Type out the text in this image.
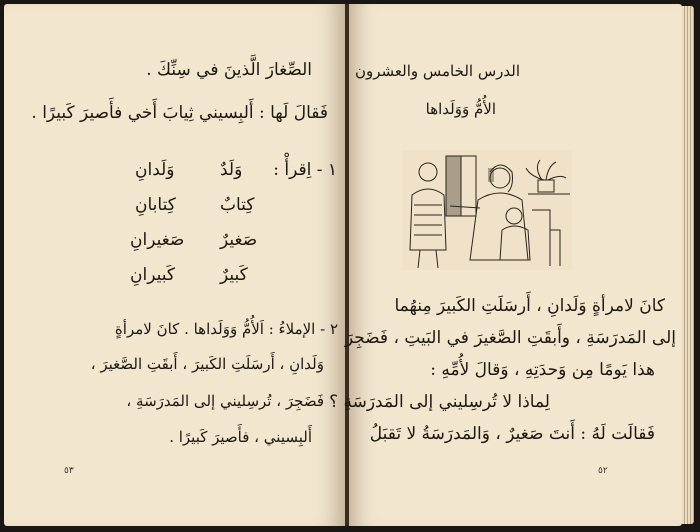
الصِّغارَ الَّذينَ في سِنِّكَ .
فَقالَ لَها : أَلبِسيني ثِيابَ أَخي فأَصيرَ كَبيرًا .
١ - اِقرأْ :
وَلَدٌ
وَلَدانِ
كِتابٌ
كِتابانِ
صَغيرٌ
صَغيرانِ
كَبيرٌ
كَبيرانِ
٢ - الإملاءُ : اَلأُمُّ وَوَلَداها . كانَ لامرأةٍ
وَلَدانِ ، أَرسَلَتِ الكَبيرَ ، أَبقَتِ الصَّغيرَ ،
فَضَجِرَ ، تُرسِليني إلى المَدرَسَةِ ،
أَلبِسيني ، فأَصيرَ كَبيرًا .
٥٣
الدرس الخامس والعشرون
الأُمُّ وَوَلَداها
كانَ لامرأةٍ وَلَدانِ ، أَرسَلَتِ الكَبيرَ مِنهُما
إلى المَدرَسَةِ ، وأَبقَتِ الصَّغيرَ في البَيتِ ، فَضَجِرَ
هذا يَومًا مِن وَحدَتِهِ ، وَقالَ لأُمِّهِ :
لِماذا لا تُرسِليني إلى المَدرَسَةِ ؟
فَقالَت لَهُ : أَنتَ صَغيرٌ ، وَالمَدرَسَةُ لا تَقبَلُ
٥٢
